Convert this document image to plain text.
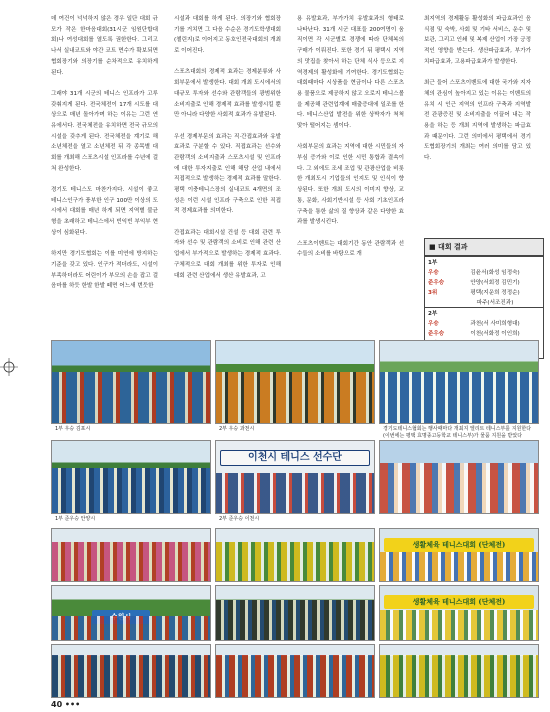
데 여건이 넉넉하지 않은 경우 일단 대회 규모가 작은 한마음대회(31시군 임원단합대회)나 여성대회를 열도록 권한한다. 그리고나서 실내코트와 야간 코트 면수가 확보되면 협회장기와 의장기를 순차적으로 유치하게 된다.

그래야 31개 시군의 테니스 인프라가 고루 갖춰지게 된다. 전국체전이 17개 시도를 대상으로 매년 돌아가며 하는 이유는 그런 연유에서다. 전국체전을 유치하면 전국 규모의 시설을 갖추게 된다. 전국체전을 계기로 해 소년체전을 열고 소년체전 뒤 각 종목별 대회를 개최해 스포츠시설 인프라를 수년에 걸쳐 완성한다.

경기도 테니스도 마찬가지다. 시설이 좋고 테니스인구가 풍부한 인구 100만 이상의 도시에서 대회를 매년 하게 되면 지역별 불균형을 초래하고 테니스에서 빈익빈 부익부 현상이 심화된다.

하지만 경기도협회는 이를 미연에 방지하는 기준을 갖고 있다. 인구가 적더라도, 시설이 부족하더라도 어린이가 부모의 손을 잡고 걸음마를 하듯 한발 한발 떼면 어느새 번듯한

시설과 대회를 하게 된다. 의장기와 협회장기를 거치면 그 다음 수순은 경기도학생대회(챌린지)로 이어지고 동호인전국대회의 개최로 이어진다.

스포츠대회의 경제적 효과는 경제분류와 사회부문에서 발생한다. 대회 개최 도시에서의 대규모 투자와 선수와 관람객들의 광범위한 소비지출로 인해 경제적 효과를 발생시킬 뿐만 아니라 다양한 사회적 효과가 유발된다.

우선 경제부문의 효과는 직·간접효과와 유발효과로 구분할 수 있다. 직접효과는 선수와 관람객의 소비지출과 스포츠시설 및 인프라에 대한 투자지출로 인해 해당 산업 내에서 직접적으로 발생하는 경제적 효과를 말한다. 평택 이충테니스장의 실내코트 4개면의 조성은 이런 시설 인프라 구축으로 인한 직접적 경제효과를 의미한다.

간접효과는 대회시설 건설 등 대회 관련 투자와 선수 및 관람객의 소비로 인해 관련 산업에서 부가적으로 발생하는 경제적 효과다. 구체적으로 대회 개최를 위한 투자로 인해 대회 관련 산업에서 생산 유발효과, 고

용 유발효과, 부가가치 유발효과의 형태로 나타난다. 31개 시군 대표들 200여명이 움직이면 각 시군별로 경쟁에 따라 단체복의 구매가 이뤄진다. 또한 경기 뒤 평택시 지역의 맛집을 찾아서 하는 단체 식사 등으로 지역경제의 활성화에 기여한다. 경기도협회는 대회때마다 시상품을 현금이나 다른 스포츠용 물품으로 제공하지 않고 오로지 테니스볼을 제공해 관련업계에 매출증대에 일조를 한다. 테니스산업 발전을 위한 상박자가 척척 맞아 떨어지는 셈이다.

사회부문의 효과는 지역에 대한 시민들의 자부심 증가와 이로 인한 시민 통합과 결속이다. 그 외에도 조세 조업 및 관광산업을 비롯한 개최도시 기업들의 인지도 및 인식이 향상된다. 또한 개최 도시의 이미지 향상, 교통, 문화, 사회기반시설 등 사회 기초인프라 구축을 통한 삶의 질 향상과 같은 다양한 효과를 발생시킨다.

스포츠이벤트는 대회기간 동안 관람객과 선수들의 소비를 바탕으로 개

최지역의 경제활동 활성화의 파급효과인 음식점 및 숙박, 사회 및 기타 서비스, 운수 및 보관, 그리고 인쇄 및 복제 산업이 가장 긍정적인 영향을 받는다. 생산파급효과, 부가가치파급효과, 고용파급효과가 발생한다.

최근 들어 스포츠이벤트에 대한 국가와 지자체의 관심이 높아지고 있는 이유는 이벤트의 유치 시 인근 지역의 인프라 구축과 지역발전 관광증진 및 소비지출을 이끌어 내는 작용을 하는 등 개최 지역에 발생하는 파급효과 때문이다. 그런 의미에서 평택에서 경기도협회장기의 개최는 여러 의미를 담고 있다.

■ 대회 결과
1부
우승	김윤서(화성 임정숙)
준우승	안양(서회정 김민기)
3위	평택(지운희 정정순)
파주(서조진과)
2부
우승	과천(서 사미희형대)
준우승	이천(서화정 이인희)
1부 우승 김포시	2부 우승 과천시	경기도테니스협회는 행사때마다 개최지 엘리트 테니스부를 지원한다(이번에는 평택 효명종고등학교 테니스부)가 물품 지원을 받았다
이천시 테니스 선수단
1부 준우승 안양시	2부 준우승 이천시
생활체육 테니스대회 (단체전)
생활체육 테니스대회 (단체전)
40 •••
